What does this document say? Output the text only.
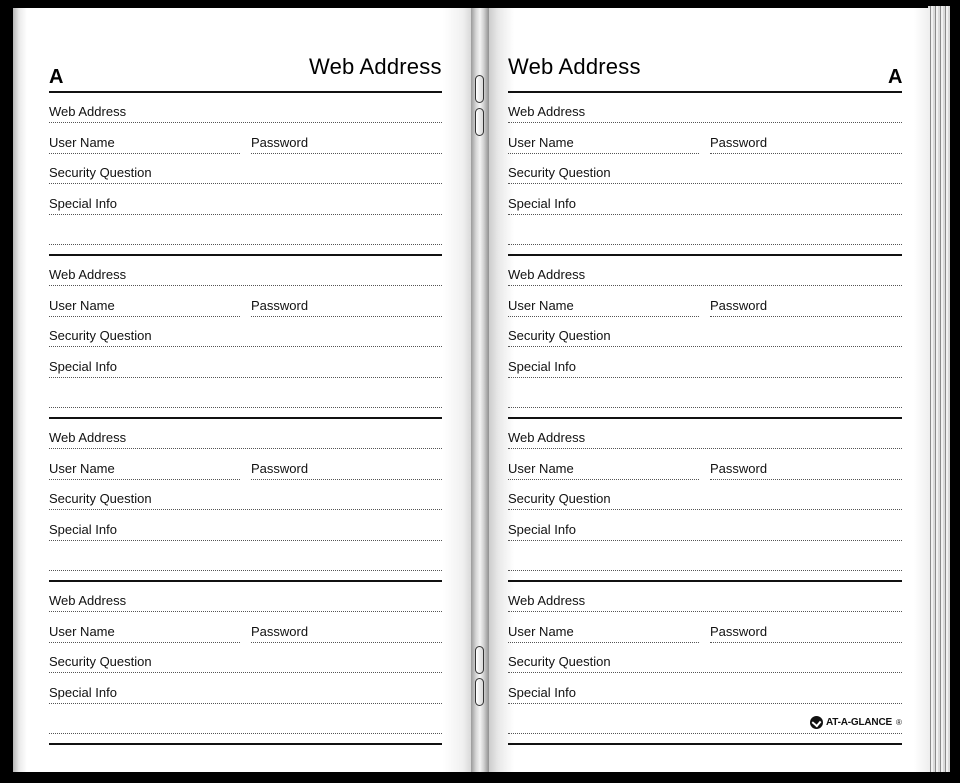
A	Web Address
Web Address
User Name	Password
Security Question
Special Info
Web Address
User Name	Password
Security Question
Special Info
Web Address
User Name	Password
Security Question
Special Info
Web Address
User Name	Password
Security Question
Special Info
Web Address	A
AT-A-GLANCE ®
Web Address
User Name	Password
Security Question
Special Info
Web Address
User Name	Password
Security Question
Special Info
Web Address
User Name	Password
Security Question
Special Info
Web Address
User Name	Password
Security Question
Special Info
